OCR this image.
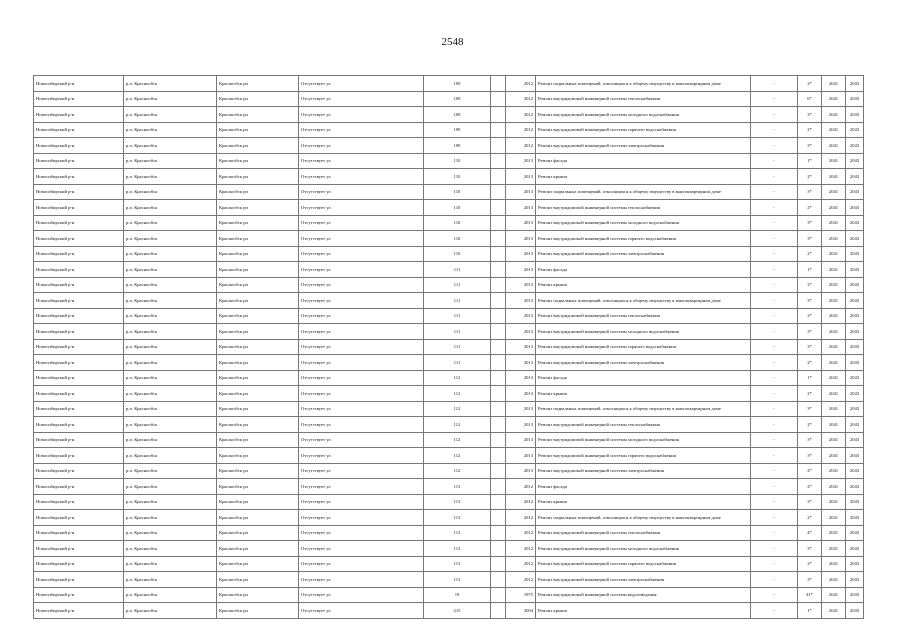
2548
Новосибирский р-н	р.п. Краснообск	Краснообск рп	Отсутствует ул	109		2012	Ремонт подвальных помещений, относящихся к общему имуществу в многоквартирном доме	-	2*	2041	2043
Новосибирский р-н	р.п. Краснообск	Краснообск рп	Отсутствует ул	109		2012	Ремонт внутридомовой инженерной системы теплоснабжения	-	6*	2041	2043
Новосибирский р-н	р.п. Краснообск	Краснообск рп	Отсутствует ул	109		2012	Ремонт внутридомовой инженерной системы холодного водоснабжения	-	3*	2041	2043
Новосибирский р-н	р.п. Краснообск	Краснообск рп	Отсутствует ул	109		2012	Ремонт внутридомовой инженерной системы горячего водоснабжения	-	2*	2041	2043
Новосибирский р-н	р.п. Краснообск	Краснообск рп	Отсутствует ул	109		2012	Ремонт внутридомовой инженерной системы электроснабжения	-	3*	2041	2043
Новосибирский р-н	р.п. Краснообск	Краснообск рп	Отсутствует ул	110		2013	Ремонт фасада	-	1*	2041	2043
Новосибирский р-н	р.п. Краснообск	Краснообск рп	Отсутствует ул	110		2013	Ремонт крыши	-	2*	2041	2043
Новосибирский р-н	р.п. Краснообск	Краснообск рп	Отсутствует ул	110		2013	Ремонт подвальных помещений, относящихся к общему имуществу в многоквартирном доме	-	3*	2041	2043
Новосибирский р-н	р.п. Краснообск	Краснообск рп	Отсутствует ул	110		2013	Ремонт внутридомовой инженерной системы теплоснабжения	-	2*	2041	2043
Новосибирский р-н	р.п. Краснообск	Краснообск рп	Отсутствует ул	110		2013	Ремонт внутридомовой инженерной системы холодного водоснабжения	-	3*	2041	2043
Новосибирский р-н	р.п. Краснообск	Краснообск рп	Отсутствует ул	110		2013	Ремонт внутридомовой инженерной системы горячего водоснабжения	-	3*	2041	2043
Новосибирский р-н	р.п. Краснообск	Краснообск рп	Отсутствует ул	110		2013	Ремонт внутридомовой инженерной системы электроснабжения	-	2*	2041	2043
Новосибирский р-н	р.п. Краснообск	Краснообск рп	Отсутствует ул	111		2013	Ремонт фасада	-	1*	2041	2043
Новосибирский р-н	р.п. Краснообск	Краснообск рп	Отсутствует ул	111		2013	Ремонт крыши	-	2*	2041	2043
Новосибирский р-н	р.п. Краснообск	Краснообск рп	Отсутствует ул	111		2013	Ремонт подвальных помещений, относящихся к общему имуществу в многоквартирном доме	-	3*	2041	2043
Новосибирский р-н	р.п. Краснообск	Краснообск рп	Отсутствует ул	111		2013	Ремонт внутридомовой инженерной системы теплоснабжения	-	2*	2041	2043
Новосибирский р-н	р.п. Краснообск	Краснообск рп	Отсутствует ул	111		2013	Ремонт внутридомовой инженерной системы холодного водоснабжения	-	3*	2041	2043
Новосибирский р-н	р.п. Краснообск	Краснообск рп	Отсутствует ул	111		2013	Ремонт внутридомовой инженерной системы горячего водоснабжения	-	3*	2041	2043
Новосибирский р-н	р.п. Краснообск	Краснообск рп	Отсутствует ул	111		2013	Ремонт внутридомовой инженерной системы электроснабжения	-	2*	2041	2043
Новосибирский р-н	р.п. Краснообск	Краснообск рп	Отсутствует ул	112		2013	Ремонт фасада	-	1*	2041	2043
Новосибирский р-н	р.п. Краснообск	Краснообск рп	Отсутствует ул	112		2013	Ремонт крыши	-	2*	2041	2043
Новосибирский р-н	р.п. Краснообск	Краснообск рп	Отсутствует ул	112		2013	Ремонт подвальных помещений, относящихся к общему имуществу в многоквартирном доме	-	3*	2041	2043
Новосибирский р-н	р.п. Краснообск	Краснообск рп	Отсутствует ул	112		2013	Ремонт внутридомовой инженерной системы теплоснабжения	-	2*	2041	2043
Новосибирский р-н	р.п. Краснообск	Краснообск рп	Отсутствует ул	112		2013	Ремонт внутридомовой инженерной системы холодного водоснабжения	-	3*	2041	2043
Новосибирский р-н	р.п. Краснообск	Краснообск рп	Отсутствует ул	112		2013	Ремонт внутридомовой инженерной системы горячего водоснабжения	-	3*	2041	2043
Новосибирский р-н	р.п. Краснообск	Краснообск рп	Отсутствует ул	112		2013	Ремонт внутридомовой инженерной системы электроснабжения	-	2*	2041	2043
Новосибирский р-н	р.п. Краснообск	Краснообск рп	Отсутствует ул	113		2012	Ремонт фасада	-	2*	2041	2043
Новосибирский р-н	р.п. Краснообск	Краснообск рп	Отсутствует ул	113		2012	Ремонт крыши	-	3*	2041	2043
Новосибирский р-н	р.п. Краснообск	Краснообск рп	Отсутствует ул	113		2012	Ремонт подвальных помещений, относящихся к общему имуществу в многоквартирном доме	-	2*	2041	2043
Новосибирский р-н	р.п. Краснообск	Краснообск рп	Отсутствует ул	113		2012	Ремонт внутридомовой инженерной системы теплоснабжения	-	4*	2041	2043
Новосибирский р-н	р.п. Краснообск	Краснообск рп	Отсутствует ул	113		2012	Ремонт внутридомовой инженерной системы холодного водоснабжения	-	3*	2041	2043
Новосибирский р-н	р.п. Краснообск	Краснообск рп	Отсутствует ул	113		2012	Ремонт внутридомовой инженерной системы горячего водоснабжения	-	2*	2041	2043
Новосибирский р-н	р.п. Краснообск	Краснообск рп	Отсутствует ул	113		2012	Ремонт внутридомовой инженерной системы электроснабжения	-	3*	2041	2043
Новосибирский р-н	р.п. Краснообск	Краснообск рп	Отсутствует ул	19		1975	Ремонт внутридомовой инженерной системы водоотведения	-	31*	2041	2043
Новосибирский р-н	р.п. Краснообск	Краснообск рп	Отсутствует ул	215		2004	Ремонт крыши	-	1*	2041	2043
